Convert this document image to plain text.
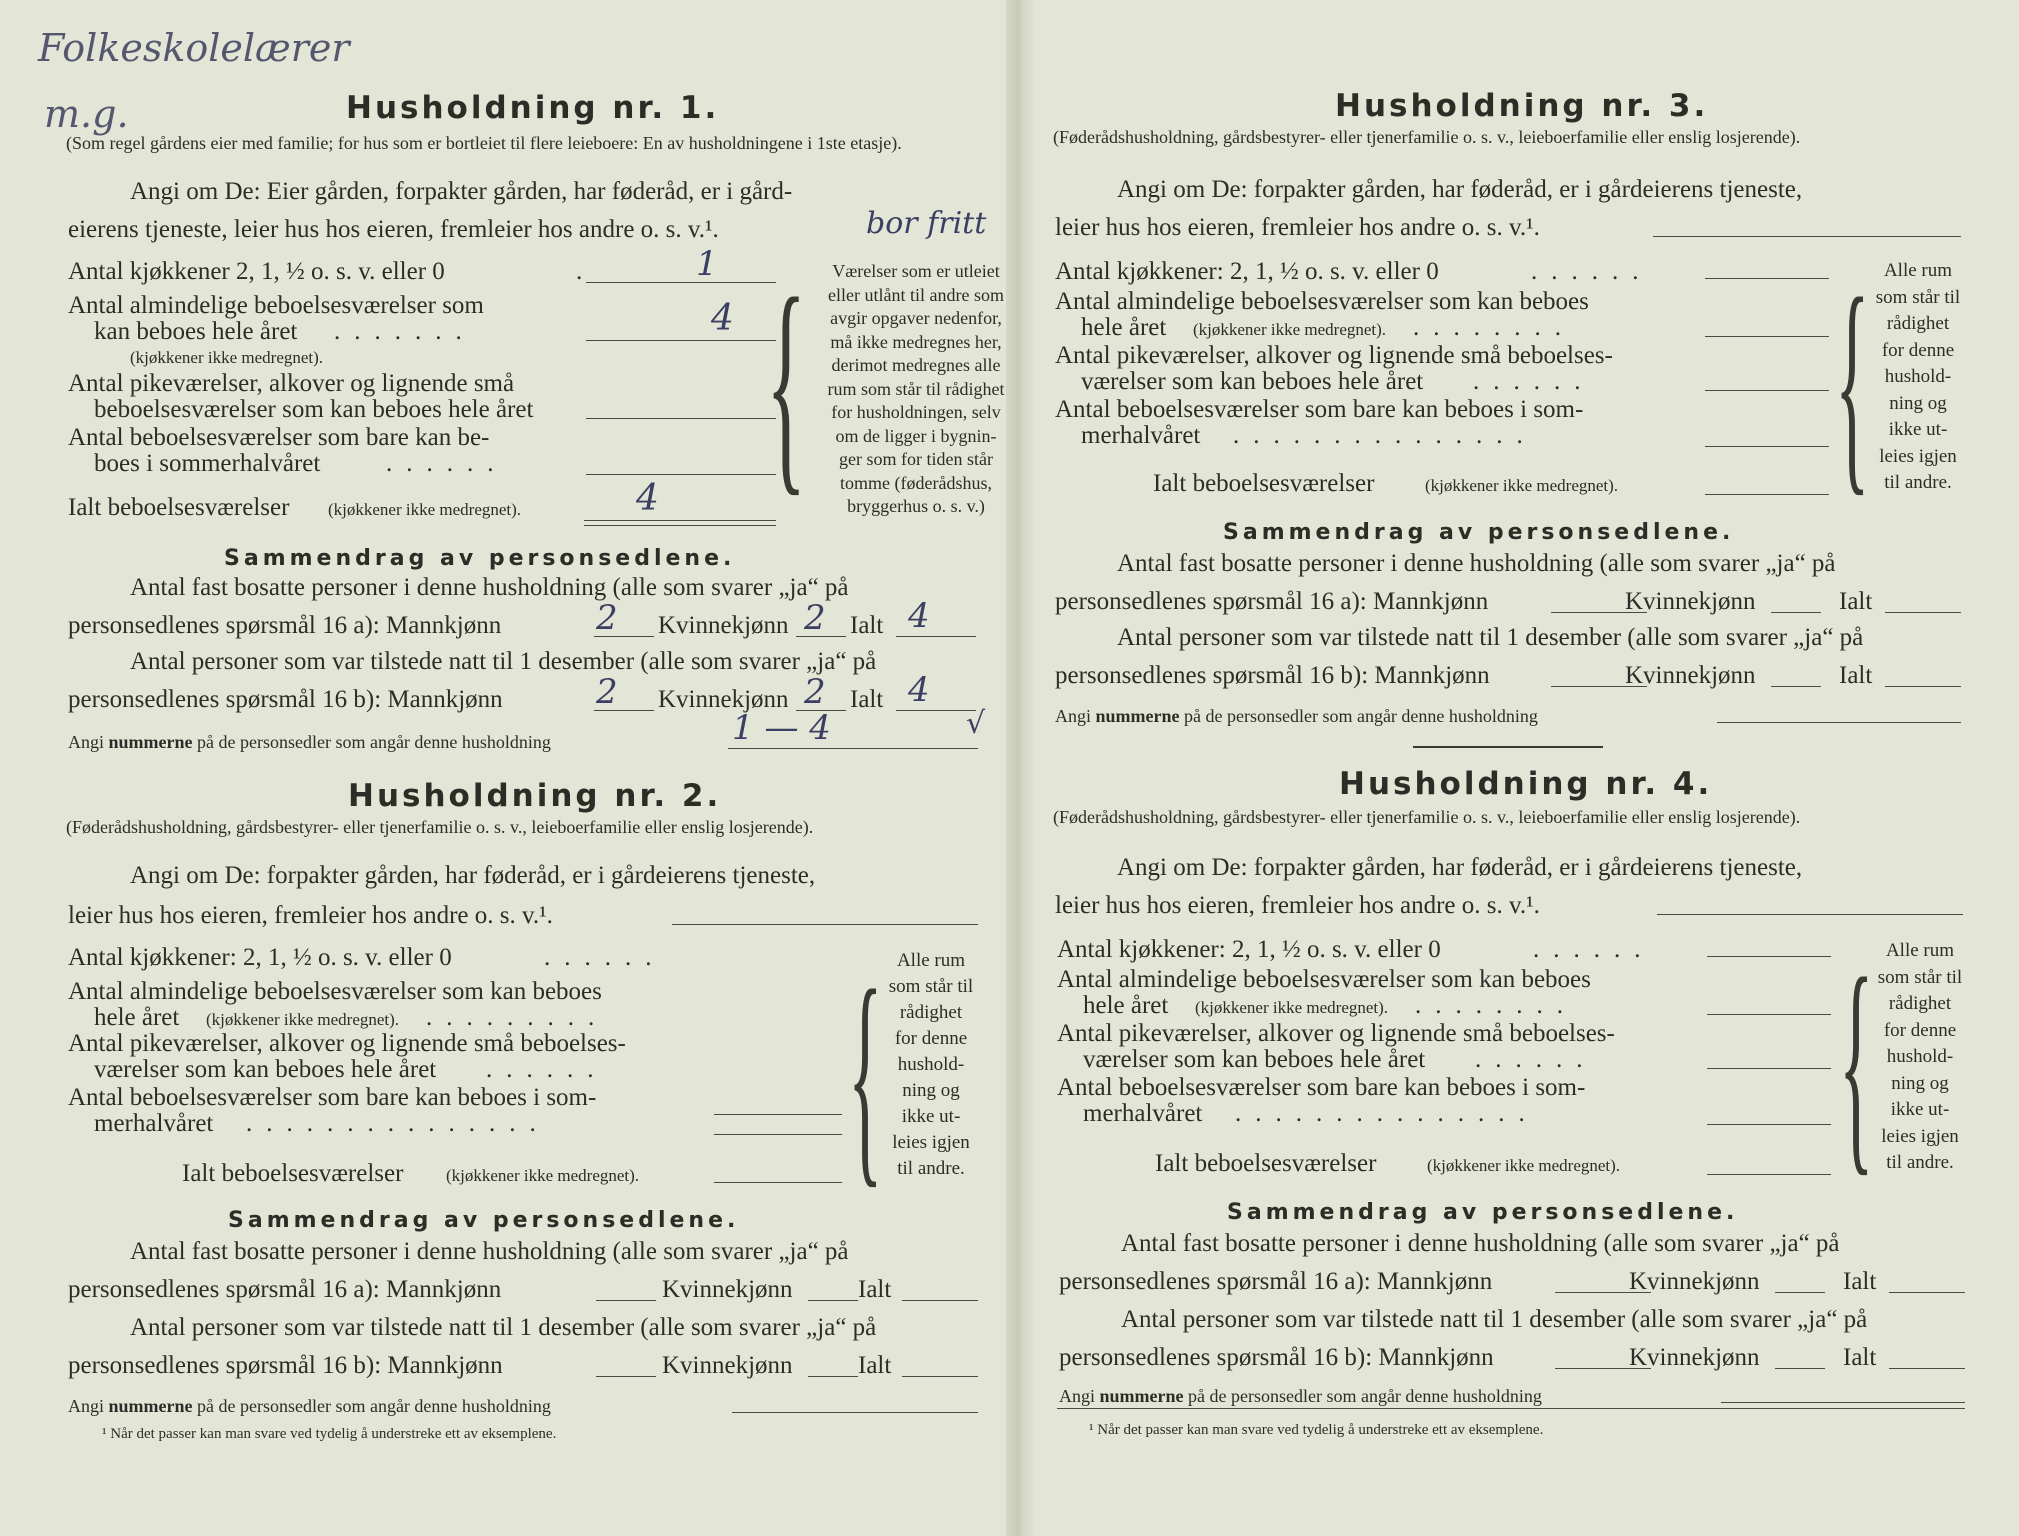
Folkeskolelærer
m.g.	Husholdning nr. 1.
(Som regel gårdens eier med familie; for hus som er bortleiet til flere leieboere: En av husholdningene i 1ste etasje).
Angi om De: Eier gården, forpakter gården, har føderåd, er i gård-
eierens tjeneste, leier hus hos eieren, fremleier hos andre o. s. v.¹.	bor fritt
Antal kjøkkener 2, 1, ½ o. s. v. eller 0	.	1
Antal almindelige beboelsesværelser som
kan beboes hele året .......	4
(kjøkkener ikke medregnet).
Antal pikeværelser, alkover og lignende små
beboelsesværelser som kan beboes hele året
Antal beboelsesværelser som bare kan be-
boes i sommerhalvåret	......
Ialt beboelsesværelser (kjøkkener ikke medregnet).	4 {	Værelser som er utleiet
eller utlånt til andre som
avgir opgaver nedenfor,
må ikke medregnes her,
derimot medregnes alle
rum som står til rådighet
for husholdningen, selv
om de ligger i bygnin-
ger som for tiden står
tomme (føderådshus,
bryggerhus o. s. v.)
Sammendrag av personsedlene.
Antal fast bosatte personer i denne husholdning (alle som svarer „ja“ på
personsedlenes spørsmål 16 a): Mannkjønn	2 Kvinnekjønn 2 Ialt 4
Antal personer som var tilstede natt til 1 desember (alle som svarer „ja“ på
personsedlenes spørsmål 16 b): Mannkjønn	2 Kvinnekjønn 2 Ialt 4
Angi nummerne på de personsedler som angår denne husholdning	1 — 4	√
Husholdning nr. 2.
(Føderådshusholdning, gårdsbestyrer- eller tjenerfamilie o. s. v., leieboerfamilie eller enslig losjerende).
Angi om De: forpakter gården, har føderåd, er i gårdeierens tjeneste,
leier hus hos eieren, fremleier hos andre o. s. v.¹.
Antal kjøkkener: 2, 1, ½ o. s. v. eller 0	......
Antal almindelige beboelsesværelser som kan beboes
hele året (kjøkkener ikke medregnet). .........
Antal pikeværelser, alkover og lignende små beboelses-
værelser som kan beboes hele året ......
Antal beboelsesværelser som bare kan beboes i som-
merhalvåret ...............
Ialt beboelsesværelser	(kjøkkener ikke medregnet). { Alle rum
som står til
rådighet
for denne
hushold-
ning og
ikke ut-
leies igjen
til andre.
Sammendrag av personsedlene.
Antal fast bosatte personer i denne husholdning (alle som svarer „ja“ på
personsedlenes spørsmål 16 a): Mannkjønn	Kvinnekjønn	Ialt
Antal personer som var tilstede natt til 1 desember (alle som svarer „ja“ på
personsedlenes spørsmål 16 b): Mannkjønn	Kvinnekjønn	Ialt
Angi nummerne på de personsedler som angår denne husholdning
¹ Når det passer kan man svare ved tydelig å understreke ett av eksemplene.
Husholdning nr. 3.
(Føderådshusholdning, gårdsbestyrer- eller tjenerfamilie o. s. v., leieboerfamilie eller enslig losjerende).
Angi om De: forpakter gården, har føderåd, er i gårdeierens tjeneste,
leier hus hos eieren, fremleier hos andre o. s. v.¹.
Antal kjøkkener: 2, 1, ½ o. s. v. eller 0	......
Antal almindelige beboelsesværelser som kan beboes
hele året (kjøkkener ikke medregnet). ........
Antal pikeværelser, alkover og lignende små beboelses-
værelser som kan beboes hele året ......
Antal beboelsesværelser som bare kan beboes i som-
merhalvåret ...............
Ialt beboelsesværelser	(kjøkkener ikke medregnet). { Alle rum
som står til
rådighet
for denne
hushold-
ning og
ikke ut-
leies igjen
til andre.
Sammendrag av personsedlene.
Antal fast bosatte personer i denne husholdning (alle som svarer „ja“ på
personsedlenes spørsmål 16 a): Mannkjønn	Kvinnekjønn	Ialt
Antal personer som var tilstede natt til 1 desember (alle som svarer „ja“ på
personsedlenes spørsmål 16 b): Mannkjønn	Kvinnekjønn	Ialt
Angi nummerne på de personsedler som angår denne husholdning
Husholdning nr. 4.
(Føderådshusholdning, gårdsbestyrer- eller tjenerfamilie o. s. v., leieboerfamilie eller enslig losjerende).
Angi om De: forpakter gården, har føderåd, er i gårdeierens tjeneste,
leier hus hos eieren, fremleier hos andre o. s. v.¹.
Antal kjøkkener: 2, 1, ½ o. s. v. eller 0	......
Antal almindelige beboelsesværelser som kan beboes
hele året (kjøkkener ikke medregnet). ........
Antal pikeværelser, alkover og lignende små beboelses-
værelser som kan beboes hele året ......
Antal beboelsesværelser som bare kan beboes i som-
merhalvåret ...............
Ialt beboelsesværelser	(kjøkkener ikke medregnet). { Alle rum
som står til
rådighet
for denne
hushold-
ning og
ikke ut-
leies igjen
til andre.
Sammendrag av personsedlene.
Antal fast bosatte personer i denne husholdning (alle som svarer „ja“ på
personsedlenes spørsmål 16 a): Mannkjønn	Kvinnekjønn	Ialt
Antal personer som var tilstede natt til 1 desember (alle som svarer „ja“ på
personsedlenes spørsmål 16 b): Mannkjønn	Kvinnekjønn	Ialt
Angi nummerne på de personsedler som angår denne husholdning
¹ Når det passer kan man svare ved tydelig å understreke ett av eksemplene.
